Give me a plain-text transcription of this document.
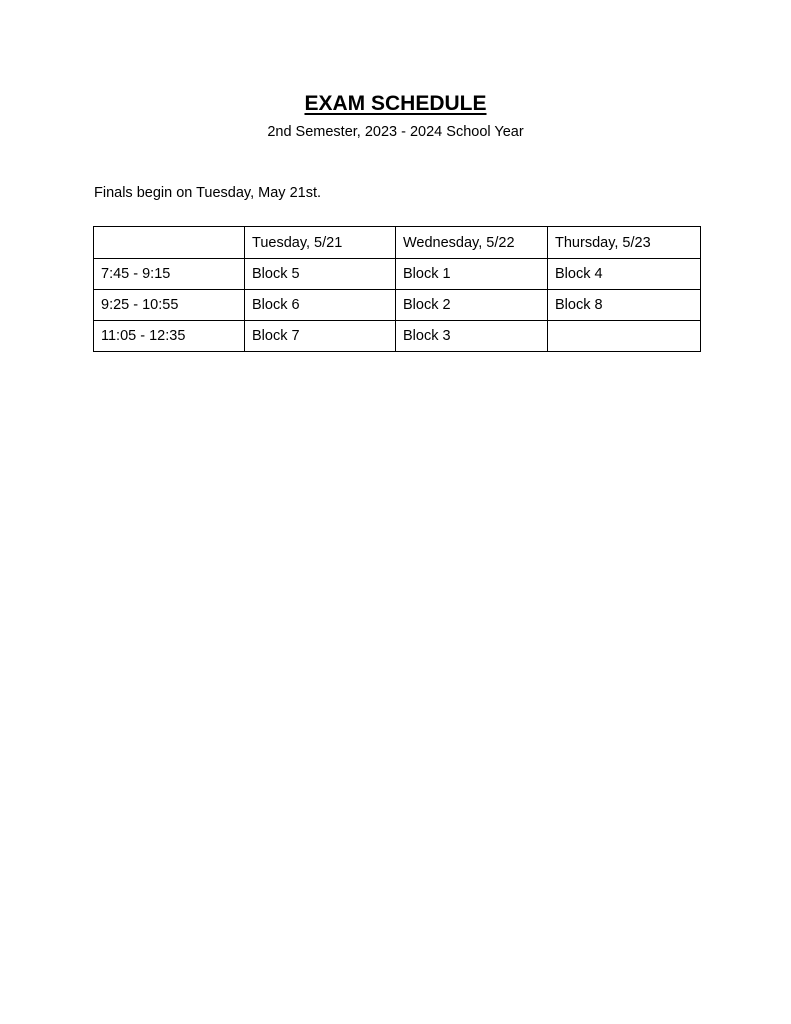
EXAM SCHEDULE

2nd Semester, 2023 - 2024 School Year

Finals begin on Tuesday, May 21st.

	Tuesday, 5/21	Wednesday, 5/22	Thursday, 5/23
7:45 - 9:15	Block 5	Block 1	Block 4
9:25 - 10:55	Block 6	Block 2	Block 8
11:05 - 12:35	Block 7	Block 3	
